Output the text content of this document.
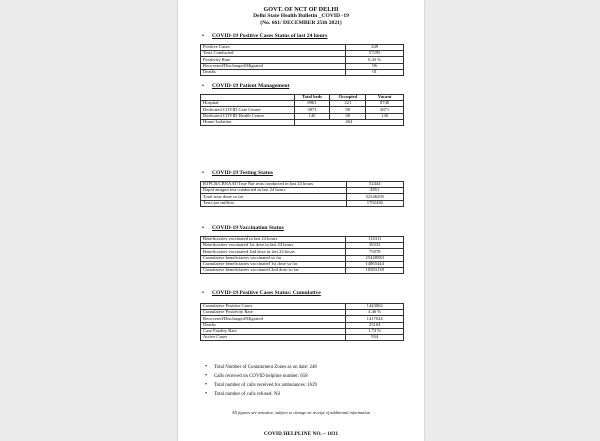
GOVT. OF NCT OF DELHI
Delhi State Health Bulletin _COVID -19
(No. 661/ DECEMBER 25th 2021)
• COVID-19 Positive Cases Status of last 24 hours
Positive Cases	249
Tests Conducted	57295
Positivity Rate	0.43 %
Recovered/Discharged/Migrated	96
Deaths	01
• COVID-19 Patient Management
	Total beds	Occupied	Vacant
Hospital	8961	221	8740
Dedicated COVID Care Centre	3871	00	3871
Dedicated COVID Health Centre	140	00	140
Home Isolation	464		
• COVID-19 Testing Status
RTPCR/CBNAAT/True Nat tests conducted in last 24 hours	52444
Rapid antigen test conducted in last 24 hours	4851
Total tests done so far	32346295
Tests per million	1702436
• COVID-19 Vaccination Status
Beneficiaries vaccinated in last 24 hours	114311
Beneficiaries vaccinated 1st dose in last 24 hours	39233
Beneficiaries vaccinated 2nd dose in last 24 hours	75078
Cumulative beneficiaries vaccinated so far	25448583
Cumulative beneficiaries vaccinated 1st dose so far	14865444
Cumulative beneficiaries vaccinated 2nd dose so far	10583139
• COVID-19 Positive Cases Status: Cumulative
Cumulative Positive Cases	1443062
Cumulative Positivity Rate	4.46 %
Recovered/Discharged/Migrated	1417024
Deaths	25104
Case Fatality Rate	1.74 %
Active Cases	934
• Total Number of Containment Zones as on date: 248
• Calls received on COVID helpline number: 658
• Total number of calls received for ambulances: 1629
• Total number of calls refused: Nil
All figures are tentative, subject to change on receipt of additional information
COVID HELPLINE NO. – 1031
